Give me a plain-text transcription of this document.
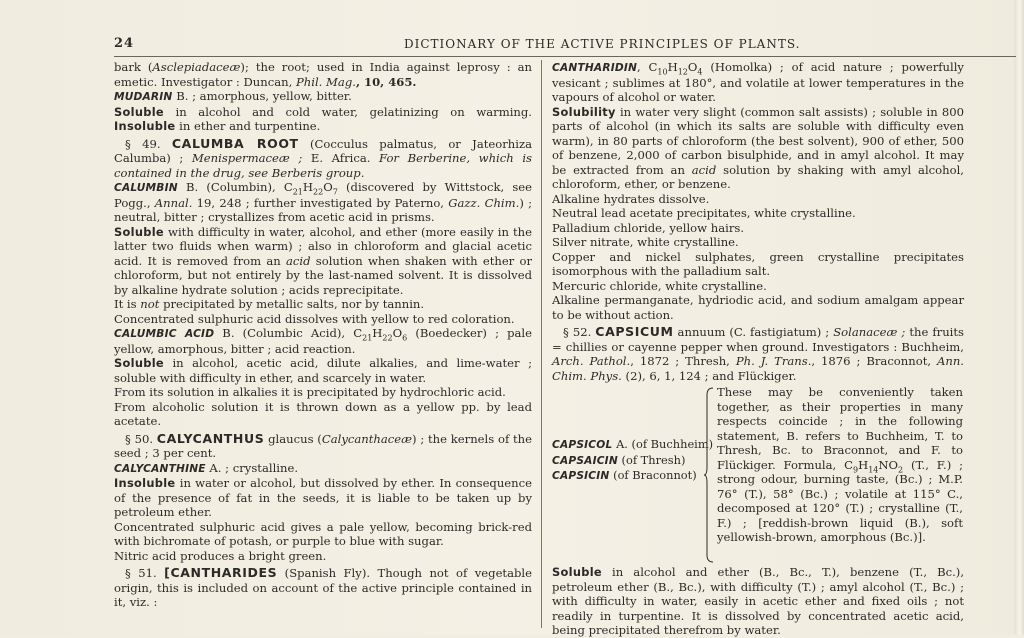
24	DICTIONARY OF THE ACTIVE PRINCIPLES OF PLANTS.

bark (Asclepiadaceæ); the root; used in India against leprosy : an emetic. Investigator : Duncan, Phil. Mag., 10, 465.

MUDARIN B. ; amorphous, yellow, bitter.

Soluble in alcohol and cold water, gelatinizing on warming. Insoluble in ether and turpentine.

§ 49. CALUMBA ROOT (Cocculus palmatus, or Jateorhiza Calumba) ; Menispermaceæ ; E. Africa. For Berberine, which is contained in the drug, see Berberis group.

CALUMBIN B. (Columbin), $C_{21}H_{22}O_7$ (discovered by Wittstock, see Pogg., Annal. 19, 248 ; further investigated by Paterno, Gazz. Chim.) ; neutral, bitter ; crystallizes from acetic acid in prisms.

Soluble with difficulty in water, alcohol, and ether (more easily in the latter two fluids when warm) ; also in chloroform and glacial acetic acid. It is removed from an acid solution when shaken with ether or chloroform, but not entirely by the last-named solvent. It is dissolved by alkaline hydrate solution ; acids reprecipitate.

It is not precipitated by metallic salts, nor by tannin.

Concentrated sulphuric acid dissolves with yellow to red coloration.

CALUMBIC ACID B. (Columbic Acid), $C_{21}H_{22}O_6$ (Boedecker) ; pale yellow, amorphous, bitter ; acid reaction.

Soluble in alcohol, acetic acid, dilute alkalies, and lime-water ; soluble with difficulty in ether, and scarcely in water.

From its solution in alkalies it is precipitated by hydrochloric acid.

From alcoholic solution it is thrown down as a yellow pp. by lead acetate.

§ 50. CALYCANTHUS glaucus (Calycanthaceæ) ; the kernels of the seed ; 3 per cent.

CALYCANTHINE A. ; crystalline.

Insoluble in water or alcohol, but dissolved by ether. In consequence of the presence of fat in the seeds, it is liable to be taken up by petroleum ether.

Concentrated sulphuric acid gives a pale yellow, becoming brick-red with bichromate of potash, or purple to blue with sugar.

Nitric acid produces a bright green.

§ 51. [CANTHARIDES (Spanish Fly). Though not of vegetable origin, this is included on account of the active principle contained in it, viz. :

CANTHARIDIN, $C_{10}H_{12}O_4$ (Homolka) ; of acid nature ; powerfully vesicant ; sublimes at 180°, and volatile at lower temperatures in the vapours of alcohol or water.

Solubility in water very slight (common salt assists) ; soluble in 800 parts of alcohol (in which its salts are soluble with difficulty even warm), in 80 parts of chloroform (the best solvent), 900 of ether, 500 of benzene, 2,000 of carbon bisulphide, and in amyl alcohol. It may be extracted from an acid solution by shaking with amyl alcohol, chloroform, ether, or benzene.

Alkaline hydrates dissolve.

Neutral lead acetate precipitates, white crystalline.

Palladium chloride, yellow hairs.

Silver nitrate, white crystalline.

Copper and nickel sulphates, green crystalline precipitates isomorphous with the palladium salt.

Mercuric chloride, white crystalline.

Alkaline permanganate, hydriodic acid, and sodium amalgam appear to be without action.

§ 52. CAPSICUM annuum (C. fastigiatum) ; Solanaceæ ; the fruits = chillies or cayenne pepper when ground. Investigators : Buchheim, Arch. Pathol., 1872 ; Thresh, Ph. J. Trans., 1876 ; Braconnot, Ann. Chim. Phys. (2), 6, 1, 124 ; and Flückiger.

CAPSICOL A. (of Buchheim)
CAPSAICIN (of Thresh)
CAPSICIN (of Braconnot)
These may be conveniently taken together, as their properties in many respects coincide ; in the following statement, B. refers to Buchheim, T. to Thresh, Bc. to Braconnot, and F. to Flückiger. Formula, $C_9H_{14}NO_2$ (T., F.) ; strong odour, burning taste, (Bc.) ; M.P. 76° (T.), 58° (Bc.) ; volatile at 115° C., decomposed at 120° (T.) ; crystalline (T., F.) ; [reddish-brown liquid (B.), soft yellowish-brown, amorphous (Bc.)].

Soluble in alcohol and ether (B., Bc., T.), benzene (T., Bc.), petroleum ether (B., Bc.), with difficulty (T.) ; amyl alcohol (T., Bc.) ; with difficulty in water, easily in acetic ether and fixed oils ; not readily in turpentine. It is dissolved by concentrated acetic acid, being precipitated therefrom by water.
